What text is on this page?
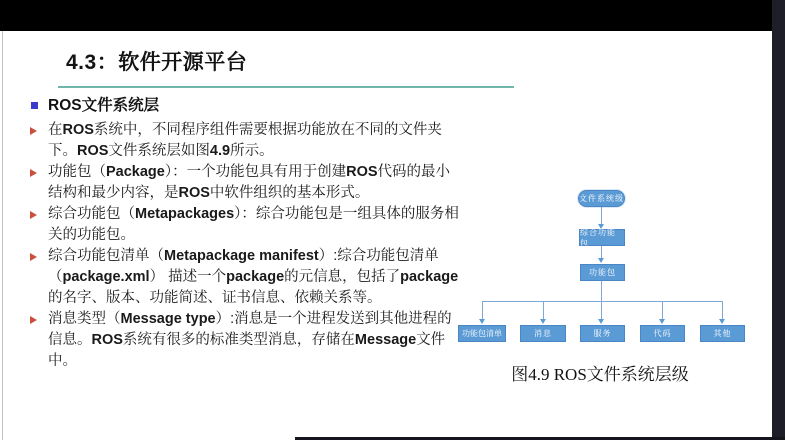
4.3：软件开源平台
ROS文件系统层
在ROS系统中，不同程序组件需要根据功能放在不同的文件夹下。ROS文件系统层如图4.9所示。
功能包（Package）：一个功能包具有用于创建ROS代码的最小结构和最少内容，是ROS中软件组织的基本形式。
综合功能包（Metapackages）：综合功能包是一组具体的服务相关的功能包。
综合功能包清单（Metapackage manifest）:综合功能包清单（package.xml） 描述一个package的元信息，包括了package的名字、版本、功能简述、证书信息、依赖关系等。
消息类型（Message type）:消息是一个进程发送到其他进程的信息。ROS系统有很多的标准类型消息，存储在Message文件中。
文件系统级
综合功能包
功能包
功能包清单	消息	服务	代码	其他
图4.9 ROS文件系统层级
